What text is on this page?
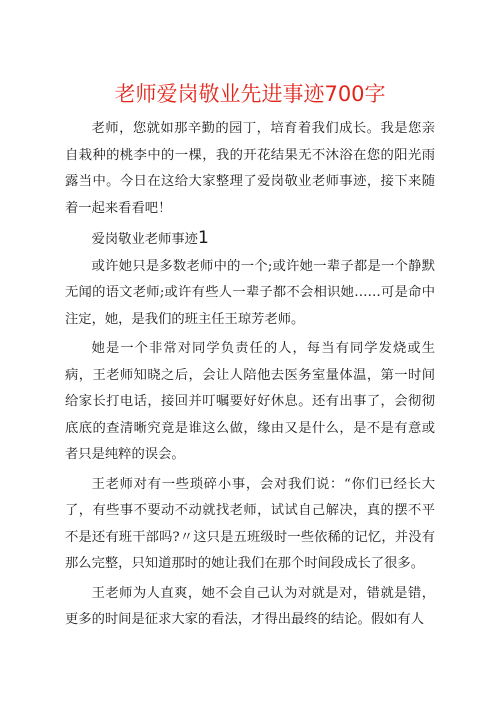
老师爱岗敬业先进事迹700字

老师，您就如那辛勤的园丁，培育着我们成长。我是您亲自栽种的桃李中的一棵，我的开花结果无不沐浴在您的阳光雨露当中。今日在这给大家整理了爱岗敬业老师事迹，接下来随着一起来看看吧！

爱岗敬业老师事迹1

或许她只是多数老师中的一个;或许她一辈子都是一个静默无闻的语文老师;或许有些人一辈子都不会相识她……可是命中注定，她，是我们的班主任王琼芳老师。

她是一个非常对同学负责任的人，每当有同学发烧或生病，王老师知晓之后，会让人陪他去医务室量体温，第一时间给家长打电话，接回并叮嘱要好好休息。还有出事了，会彻彻底底的查清晰究竟是谁这么做，缘由又是什么，是不是有意或者只是纯粹的误会。

王老师对有一些琐碎小事，会对我们说：“你们已经长大了，有些事不要动不动就找老师，试试自己解决，真的摆不平不是还有班干部吗?〃这只是五班级时一些依稀的记忆，并没有那么完整，只知道那时的她让我们在那个时间段成长了很多。

王老师为人直爽，她不会自己认为对就是对，错就是错，更多的时间是征求大家的看法，才得出最终的结论。假如有人
